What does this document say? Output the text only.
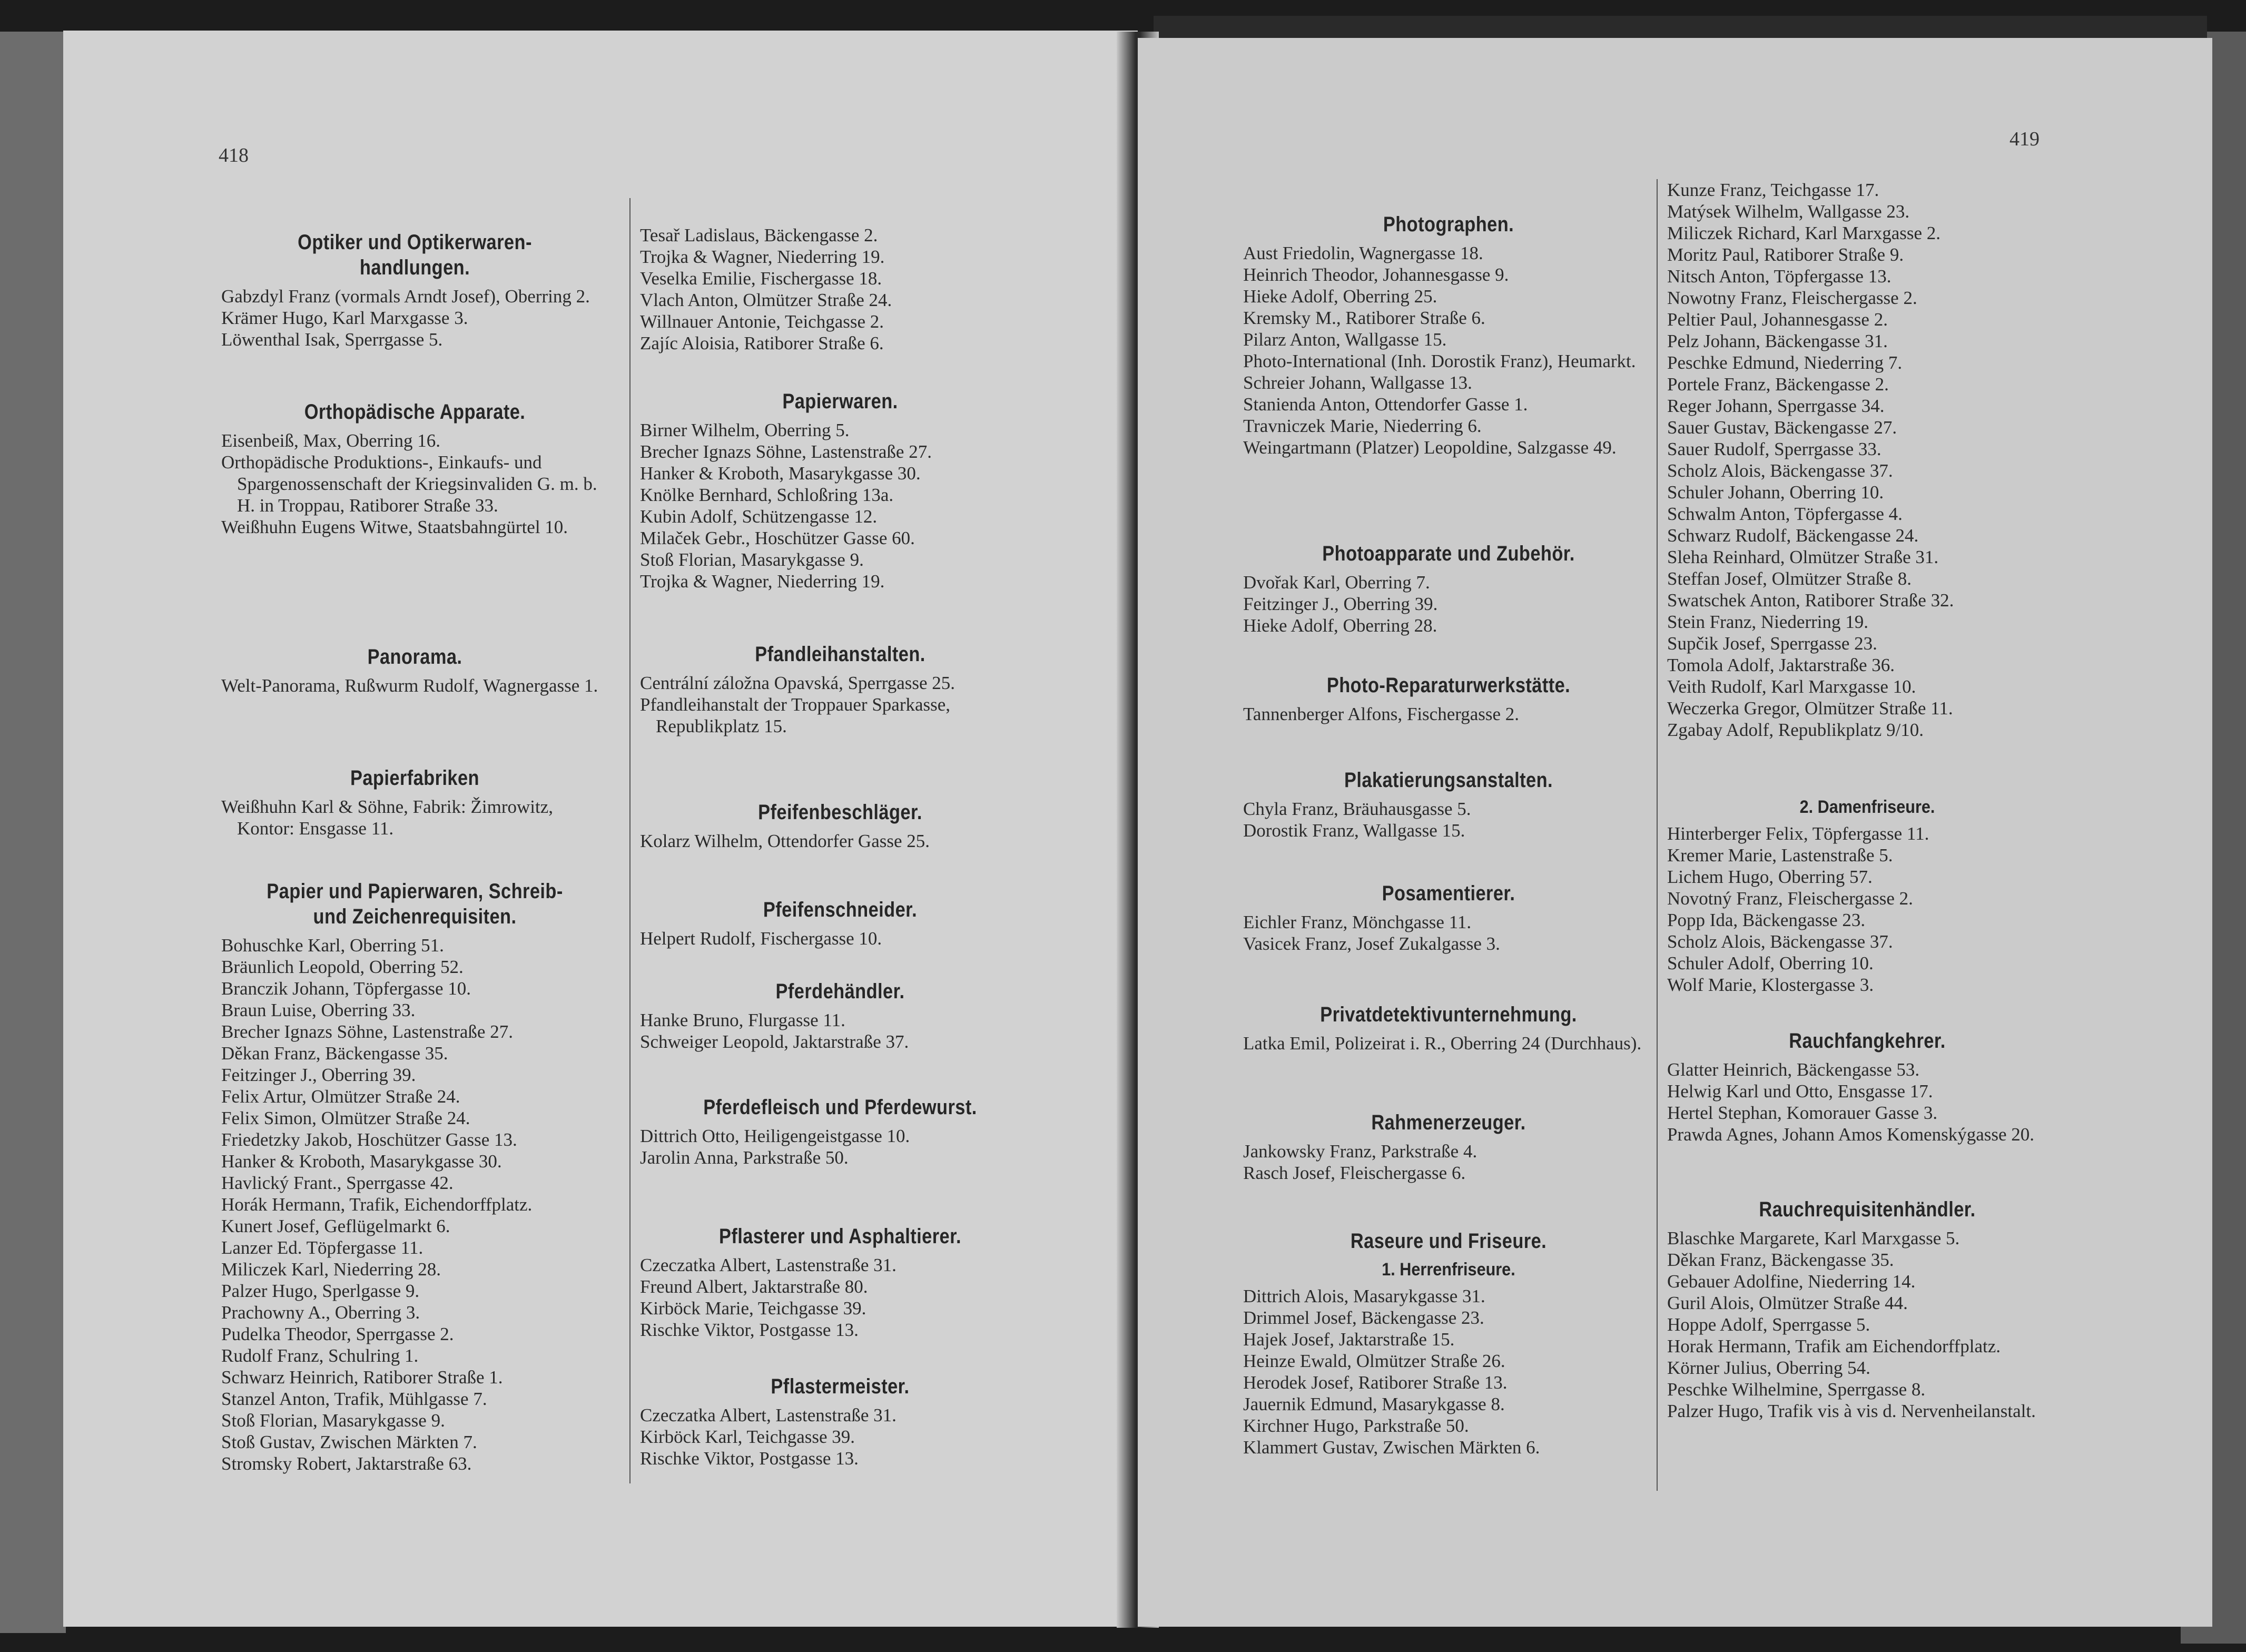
418
Optiker und Optikerwaren-
handlungen.
Gabzdyl Franz (vormals Arndt Josef), Oberring 2.
Krämer Hugo, Karl Marxgasse 3.
Löwenthal Isak, Sperrgasse 5.
Orthopädische Apparate.
Eisenbeiß, Max, Oberring 16.
Orthopädische Produktions-, Einkaufs- und Spargenossenschaft der Kriegsinvaliden G. m. b. H. in Troppau, Ratiborer Straße 33.
Weißhuhn Eugens Witwe, Staatsbahngürtel 10.
Panorama.
Welt-Panorama, Rußwurm Rudolf, Wagnergasse 1.
Papierfabriken
Weißhuhn Karl & Söhne, Fabrik: Žimrowitz, Kontor: Ensgasse 11.
Papier und Papierwaren, Schreib-
und Zeichenrequisiten.
Bohuschke Karl, Oberring 51.
Bräunlich Leopold, Oberring 52.
Branczik Johann, Töpfergasse 10.
Braun Luise, Oberring 33.
Brecher Ignazs Söhne, Lastenstraße 27.
Děkan Franz, Bäckengasse 35.
Feitzinger J., Oberring 39.
Felix Artur, Olmützer Straße 24.
Felix Simon, Olmützer Straße 24.
Friedetzky Jakob, Hoschützer Gasse 13.
Hanker & Kroboth, Masarykgasse 30.
Havlický Frant., Sperrgasse 42.
Horák Hermann, Trafik, Eichendorffplatz.
Kunert Josef, Geflügelmarkt 6.
Lanzer Ed. Töpfergasse 11.
Miliczek Karl, Niederring 28.
Palzer Hugo, Sperlgasse 9.
Prachowny A., Oberring 3.
Pudelka Theodor, Sperrgasse 2.
Rudolf Franz, Schulring 1.
Schwarz Heinrich, Ratiborer Straße 1.
Stanzel Anton, Trafik, Mühlgasse 7.
Stoß Florian, Masarykgasse 9.
Stoß Gustav, Zwischen Märkten 7.
Stromsky Robert, Jaktarstraße 63.
Tesař Ladislaus, Bäckengasse 2.
Trojka & Wagner, Niederring 19.
Veselka Emilie, Fischergasse 18.
Vlach Anton, Olmützer Straße 24.
Willnauer Antonie, Teichgasse 2.
Zajíc Aloisia, Ratiborer Straße 6.
Papierwaren.
Birner Wilhelm, Oberring 5.
Brecher Ignazs Söhne, Lastenstraße 27.
Hanker & Kroboth, Masarykgasse 30.
Knölke Bernhard, Schloßring 13a.
Kubin Adolf, Schützengasse 12.
Milaček Gebr., Hoschützer Gasse 60.
Stoß Florian, Masarykgasse 9.
Trojka & Wagner, Niederring 19.
Pfandleihanstalten.
Centrální záložna Opavská, Sperrgasse 25.
Pfandleihanstalt der Troppauer Sparkasse, Republikplatz 15.
Pfeifenbeschläger.
Kolarz Wilhelm, Ottendorfer Gasse 25.
Pfeifenschneider.
Helpert Rudolf, Fischergasse 10.
Pferdehändler.
Hanke Bruno, Flurgasse 11.
Schweiger Leopold, Jaktarstraße 37.
Pferdefleisch und Pferdewurst.
Dittrich Otto, Heiligengeistgasse 10.
Jarolin Anna, Parkstraße 50.
Pflasterer und Asphaltierer.
Czeczatka Albert, Lastenstraße 31.
Freund Albert, Jaktarstraße 80.
Kirböck Marie, Teichgasse 39.
Rischke Viktor, Postgasse 13.
Pflastermeister.
Czeczatka Albert, Lastenstraße 31.
Kirböck Karl, Teichgasse 39.
Rischke Viktor, Postgasse 13.
419
Photographen.
Aust Friedolin, Wagnergasse 18.
Heinrich Theodor, Johannesgasse 9.
Hieke Adolf, Oberring 25.
Kremsky M., Ratiborer Straße 6.
Pilarz Anton, Wallgasse 15.
Photo-International (Inh. Dorostik Franz), Heumarkt.
Schreier Johann, Wallgasse 13.
Stanienda Anton, Ottendorfer Gasse 1.
Travniczek Marie, Niederring 6.
Weingartmann (Platzer) Leopoldine, Salzgasse 49.
Photoapparate und Zubehör.
Dvořak Karl, Oberring 7.
Feitzinger J., Oberring 39.
Hieke Adolf, Oberring 28.
Photo-Reparaturwerkstätte.
Tannenberger Alfons, Fischergasse 2.
Plakatierungsanstalten.
Chyla Franz, Bräuhausgasse 5.
Dorostik Franz, Wallgasse 15.
Posamentierer.
Eichler Franz, Mönchgasse 11.
Vasicek Franz, Josef Zukalgasse 3.
Privatdetektivunternehmung.
Latka Emil, Polizeirat i. R., Oberring 24 (Durchhaus).
Rahmenerzeuger.
Jankowsky Franz, Parkstraße 4.
Rasch Josef, Fleischergasse 6.
Raseure und Friseure.
1. Herrenfriseure.
Dittrich Alois, Masarykgasse 31.
Drimmel Josef, Bäckengasse 23.
Hajek Josef, Jaktarstraße 15.
Heinze Ewald, Olmützer Straße 26.
Herodek Josef, Ratiborer Straße 13.
Jauernik Edmund, Masarykgasse 8.
Kirchner Hugo, Parkstraße 50.
Klammert Gustav, Zwischen Märkten 6.
Kunze Franz, Teichgasse 17.
Matýsek Wilhelm, Wallgasse 23.
Miliczek Richard, Karl Marxgasse 2.
Moritz Paul, Ratiborer Straße 9.
Nitsch Anton, Töpfergasse 13.
Nowotny Franz, Fleischergasse 2.
Peltier Paul, Johannesgasse 2.
Pelz Johann, Bäckengasse 31.
Peschke Edmund, Niederring 7.
Portele Franz, Bäckengasse 2.
Reger Johann, Sperrgasse 34.
Sauer Gustav, Bäckengasse 27.
Sauer Rudolf, Sperrgasse 33.
Scholz Alois, Bäckengasse 37.
Schuler Johann, Oberring 10.
Schwalm Anton, Töpfergasse 4.
Schwarz Rudolf, Bäckengasse 24.
Sleha Reinhard, Olmützer Straße 31.
Steffan Josef, Olmützer Straße 8.
Swatschek Anton, Ratiborer Straße 32.
Stein Franz, Niederring 19.
Supčik Josef, Sperrgasse 23.
Tomola Adolf, Jaktarstraße 36.
Veith Rudolf, Karl Marxgasse 10.
Weczerka Gregor, Olmützer Straße 11.
Zgabay Adolf, Republikplatz 9/10.
2. Damenfriseure.
Hinterberger Felix, Töpfergasse 11.
Kremer Marie, Lastenstraße 5.
Lichem Hugo, Oberring 57.
Novotný Franz, Fleischergasse 2.
Popp Ida, Bäckengasse 23.
Scholz Alois, Bäckengasse 37.
Schuler Adolf, Oberring 10.
Wolf Marie, Klostergasse 3.
Rauchfangkehrer.
Glatter Heinrich, Bäckengasse 53.
Helwig Karl und Otto, Ensgasse 17.
Hertel Stephan, Komorauer Gasse 3.
Prawda Agnes, Johann Amos Komenskýgasse 20.
Rauchrequisitenhändler.
Blaschke Margarete, Karl Marxgasse 5.
Děkan Franz, Bäckengasse 35.
Gebauer Adolfine, Niederring 14.
Guril Alois, Olmützer Straße 44.
Hoppe Adolf, Sperrgasse 5.
Horak Hermann, Trafik am Eichendorffplatz.
Körner Julius, Oberring 54.
Peschke Wilhelmine, Sperrgasse 8.
Palzer Hugo, Trafik vis à vis d. Nervenheilanstalt.
